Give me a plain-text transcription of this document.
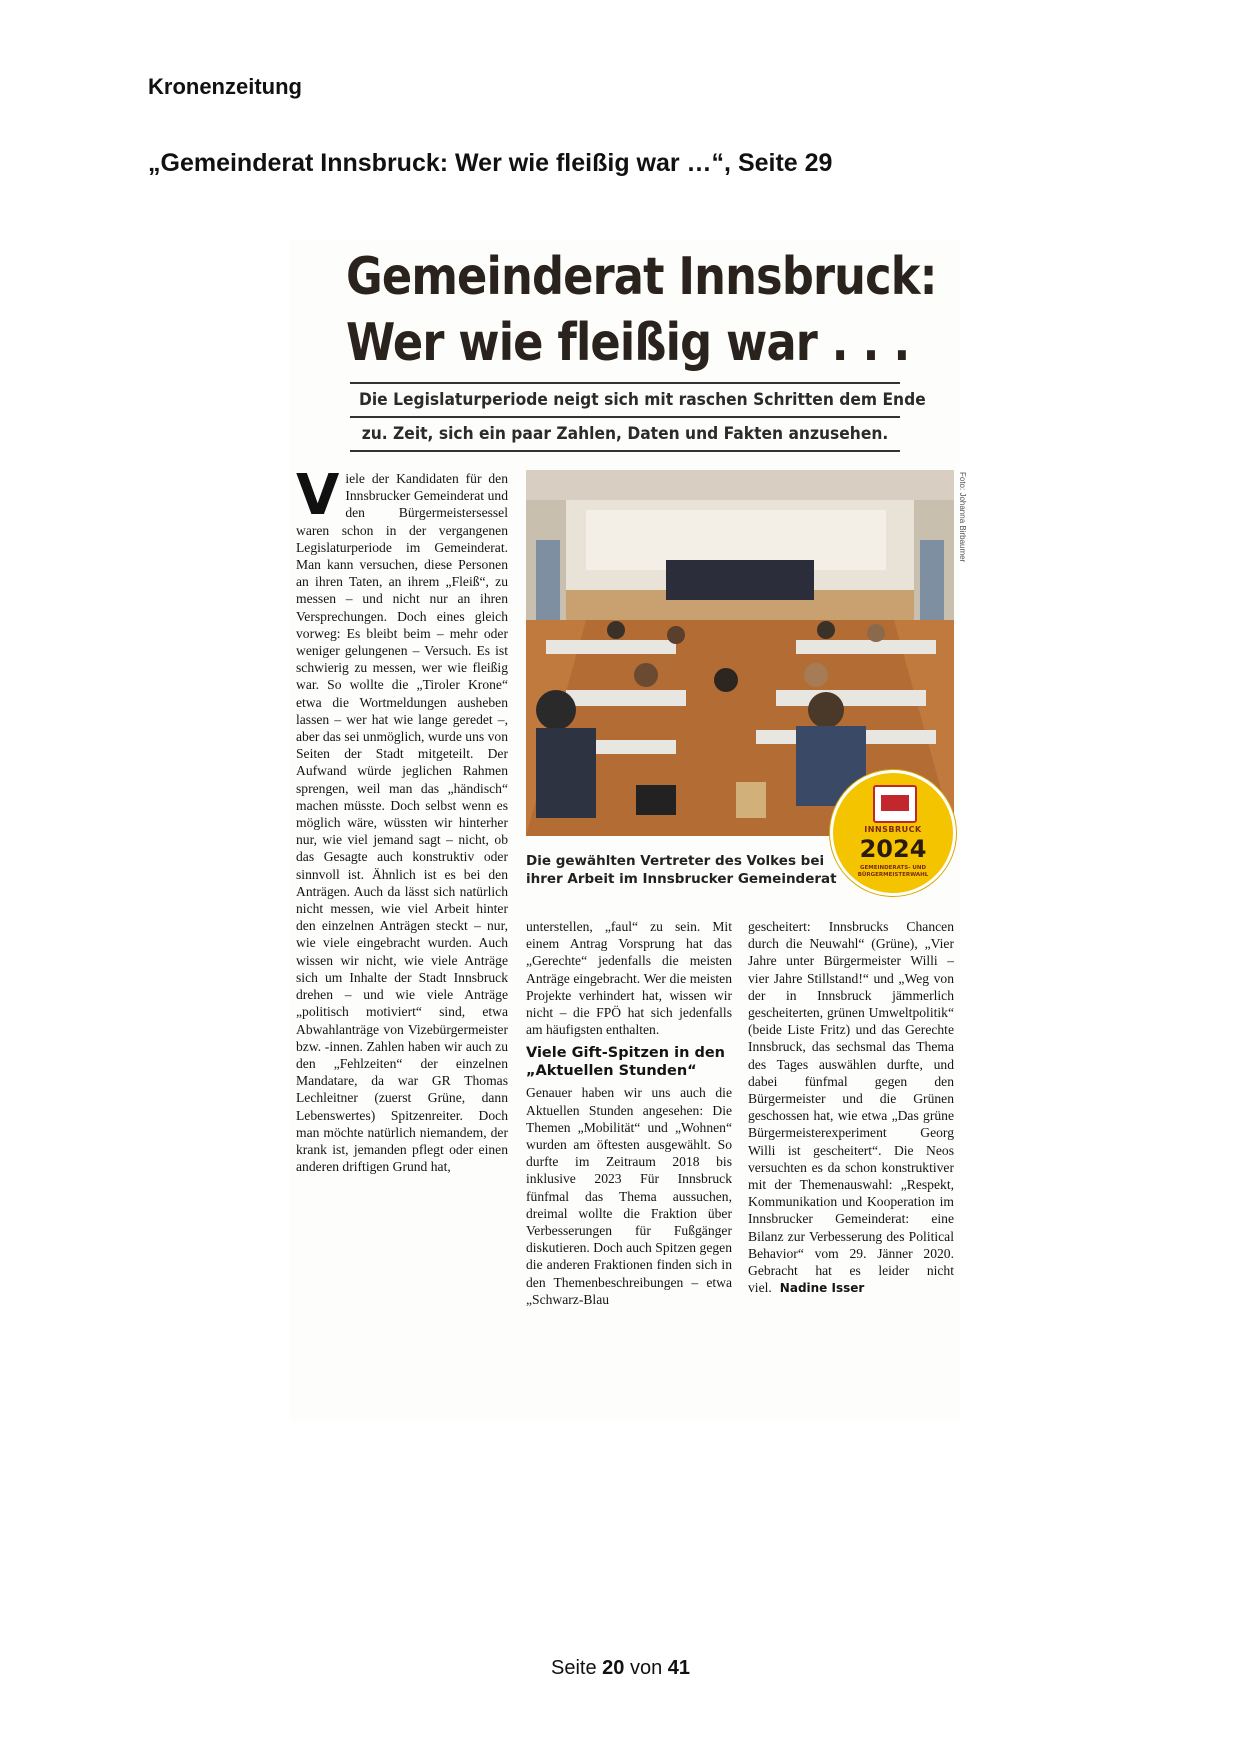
Kronenzeitung
„Gemeinderat Innsbruck: Wer wie fleißig war …“, Seite 29
Gemeinderat Innsbruck:
Wer wie fleißig war . . .
Die Legislaturperiode neigt sich mit raschen Schritten dem Ende
zu. Zeit, sich ein paar Zahlen, Daten und Fakten anzusehen.
Viele der Kandidaten für den Innsbrucker Gemeinderat und den Bürgermeistersessel waren schon in der vergangenen Legislaturperiode im Gemeinderat. Man kann versuchen, diese Personen an ihren Taten, an ihrem „Fleiß“, zu messen – und nicht nur an ihren Versprechungen. Doch eines gleich vorweg: Es bleibt beim – mehr oder weniger gelungenen – Versuch. Es ist schwierig zu messen, wer wie fleißig war. So wollte die „Tiroler Krone“ etwa die Wortmeldungen ausheben lassen – wer hat wie lange geredet –, aber das sei unmöglich, wurde uns von Seiten der Stadt mitgeteilt. Der Aufwand würde jeglichen Rahmen sprengen, weil man das „händisch“ machen müsste. Doch selbst wenn es möglich wäre, wüssten wir hinterher nur, wie viel jemand sagt – nicht, ob das Gesagte auch konstruktiv oder sinnvoll ist. Ähnlich ist es bei den Anträgen. Auch da lässt sich natürlich nicht messen, wie viel Arbeit hinter den einzelnen Anträgen steckt – nur, wie viele eingebracht wurden. Auch wissen wir nicht, wie viele Anträge sich um Inhalte der Stadt Innsbruck drehen – und wie viele Anträge „politisch motiviert“ sind, etwa Abwahlanträge von Vizebürgermeister bzw. -innen. Zahlen haben wir auch zu den „Fehlzeiten“ der einzelnen Mandatare, da war GR Thomas Lechleitner (zuerst Grüne, dann Lebenswertes) Spitzenreiter. Doch man möchte natürlich niemandem, der krank ist, jemanden pflegt oder einen anderen driftigen Grund hat,
Foto: Johanna Birbaumer
INNSBRUCK
2024
GEMEINDERATS- UND BÜRGERMEISTERWAHL
Die gewählten Vertreter des Volkes bei ihrer Arbeit im Innsbrucker Gemeinderat
unterstellen, „faul“ zu sein. Mit einem Antrag Vorsprung hat das „Gerechte“ jedenfalls die meisten Anträge eingebracht. Wer die meisten Projekte verhindert hat, wissen wir nicht – die FPÖ hat sich jedenfalls am häufigsten enthalten.
Viele Gift-Spitzen in den „Aktuellen Stunden“
Genauer haben wir uns auch die Aktuellen Stunden angesehen: Die Themen „Mobilität“ und „Wohnen“ wurden am öftesten ausgewählt. So durfte im Zeitraum 2018 bis inklusive 2023 Für Innsbruck fünfmal das Thema aussuchen, dreimal wollte die Fraktion über Verbesserungen für Fußgänger diskutieren. Doch auch Spitzen gegen die anderen Fraktionen finden sich in den Themenbeschreibungen – etwa „Schwarz-Blau
gescheitert: Innsbrucks Chancen durch die Neuwahl“ (Grüne), „Vier Jahre unter Bürgermeister Willi – vier Jahre Stillstand!“ und „Weg von der in Innsbruck jämmerlich gescheiterten, grünen Umweltpolitik“ (beide Liste Fritz) und das Gerechte Innsbruck, das sechsmal das Thema des Tages auswählen durfte, und dabei fünfmal gegen den Bürgermeister und die Grünen geschossen hat, wie etwa „Das grüne Bürgermeisterexperiment Georg Willi ist gescheitert“. Die Neos versuchten es da schon konstruktiver mit der Themenauswahl: „Respekt, Kommunikation und Kooperation im Innsbrucker Gemeinderat: eine Bilanz zur Verbesserung des Political Behavior“ vom 29. Jänner 2020. Gebracht hat es leider nicht viel. Nadine Isser
Seite 20 von 41
